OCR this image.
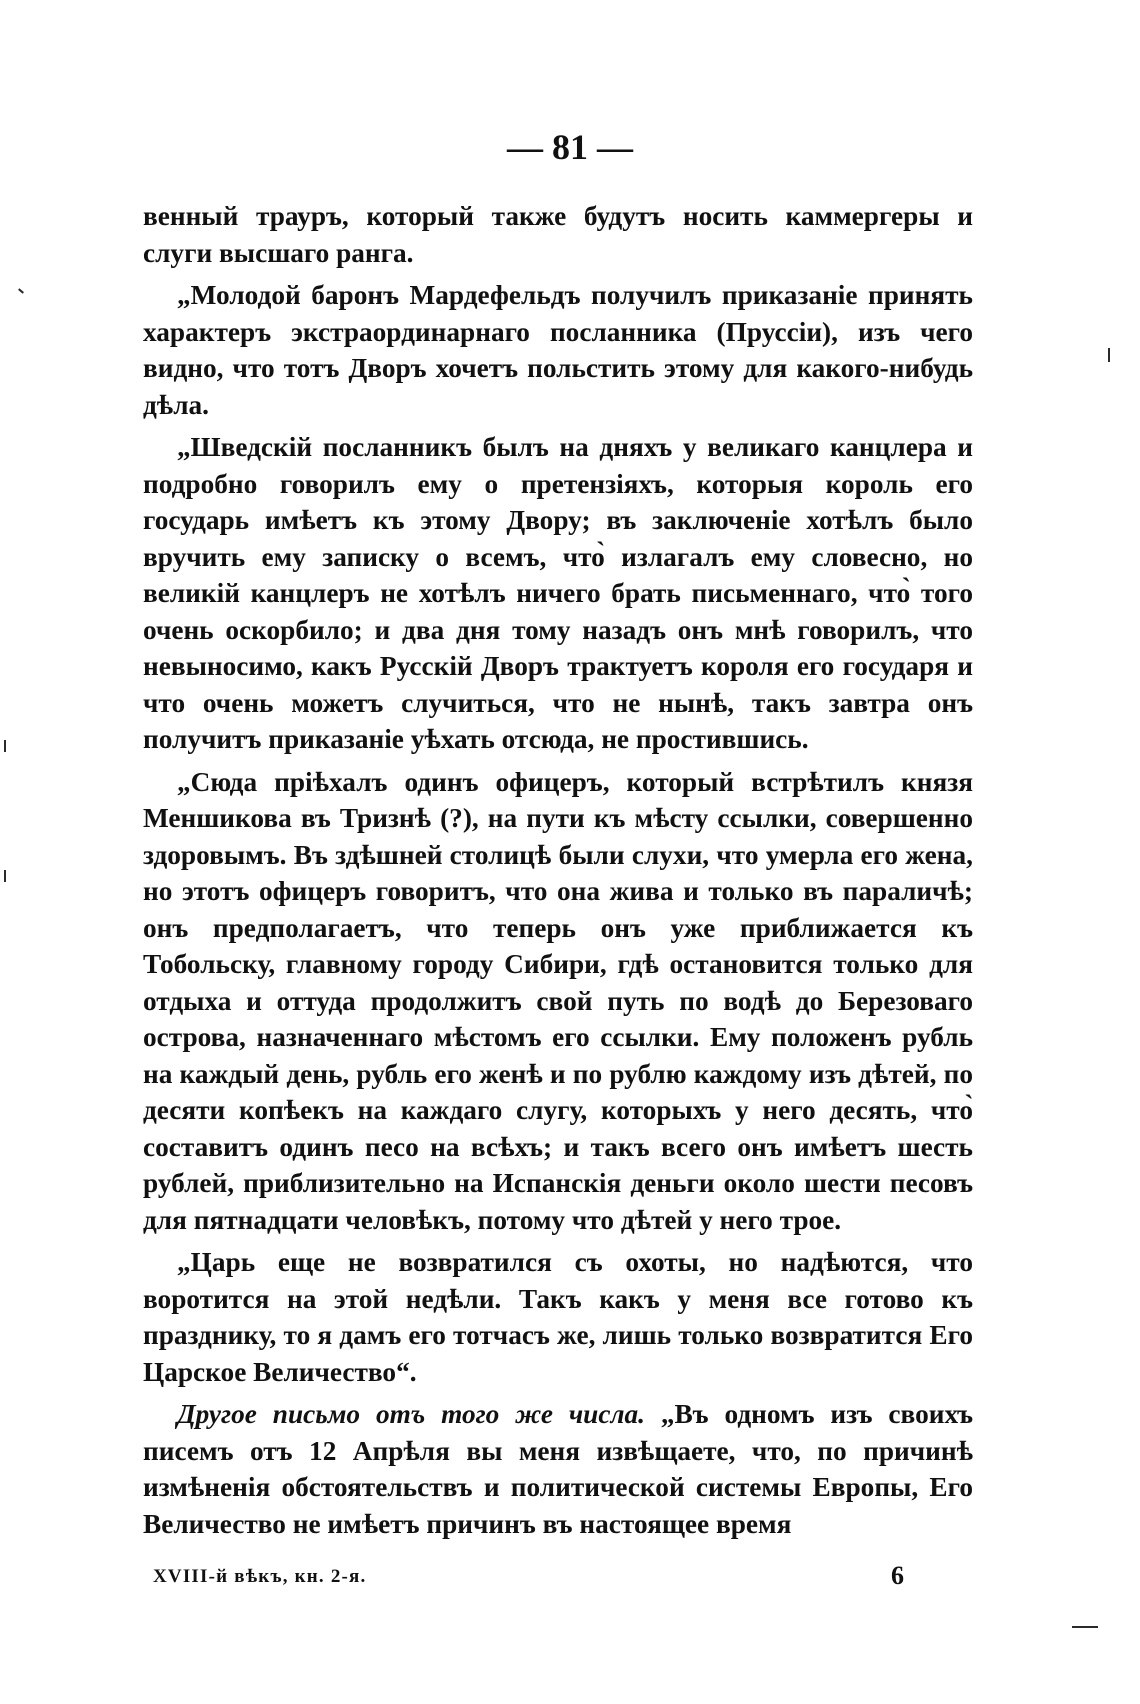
— 81 —

венный трауръ, который также будутъ носить каммергеры и слуги высшаго ранга.

„Молодой баронъ Мардефельдъ получилъ приказаніе принять характеръ экстраординарнаго посланника (Пруссіи), изъ чего видно, что тотъ Дворъ хочетъ польстить этому для какого-нибудь дѣла.

„Шведскій посланникъ былъ на дняхъ у великаго канцлера и подробно говорилъ ему о претензіяхъ, которыя король его государь имѣетъ къ этому Двору; въ заключеніе хотѣлъ было вручить ему записку о всемъ, что̀ излагалъ ему словесно, но великій канцлеръ не хотѣлъ ничего брать письменнаго, что̀ того очень оскорбило; и два дня тому назадъ онъ мнѣ говорилъ, что невыносимо, какъ Русскій Дворъ трактуетъ короля его государя и что очень можетъ случиться, что не нынѣ, такъ завтра онъ получитъ приказаніе уѣхать отсюда, не простившись.

„Сюда пріѣхалъ одинъ офицеръ, который встрѣтилъ князя Меншикова въ Тризнѣ (?), на пути къ мѣсту ссылки, совершенно здоровымъ. Въ здѣшней столицѣ были слухи, что умерла его жена, но этотъ офицеръ говоритъ, что она жива и только въ параличѣ; онъ предполагаетъ, что теперь онъ уже приближается къ Тобольску, главному городу Сибири, гдѣ остановится только для отдыха и оттуда продолжитъ свой путь по водѣ до Березоваго острова, назначеннаго мѣстомъ его ссылки. Ему положенъ рубль на каждый день, рубль его женѣ и по рублю каждому изъ дѣтей, по десяти копѣекъ на каждаго слугу, которыхъ у него десять, что̀ составитъ одинъ песо на всѣхъ; и такъ всего онъ имѣетъ шесть рублей, приблизительно на Испанскія деньги около шести песовъ для пятнадцати человѣкъ, потому что дѣтей у него трое.

„Царь еще не возвратился съ охоты, но надѣются, что воротится на этой недѣли. Такъ какъ у меня все готово къ празднику, то я дамъ его тотчасъ же, лишь только возвратится Его Царское Величество“.

Другое письмо отъ того же числа. „Въ одномъ изъ своихъ писемъ отъ 12 Апрѣля вы меня извѣщаете, что, по причинѣ измѣненія обстоятельствъ и политической системы Европы, Его Величество не имѣетъ причинъ въ настоящее время

XVIII-й вѣкъ, кн. 2-я.	6
